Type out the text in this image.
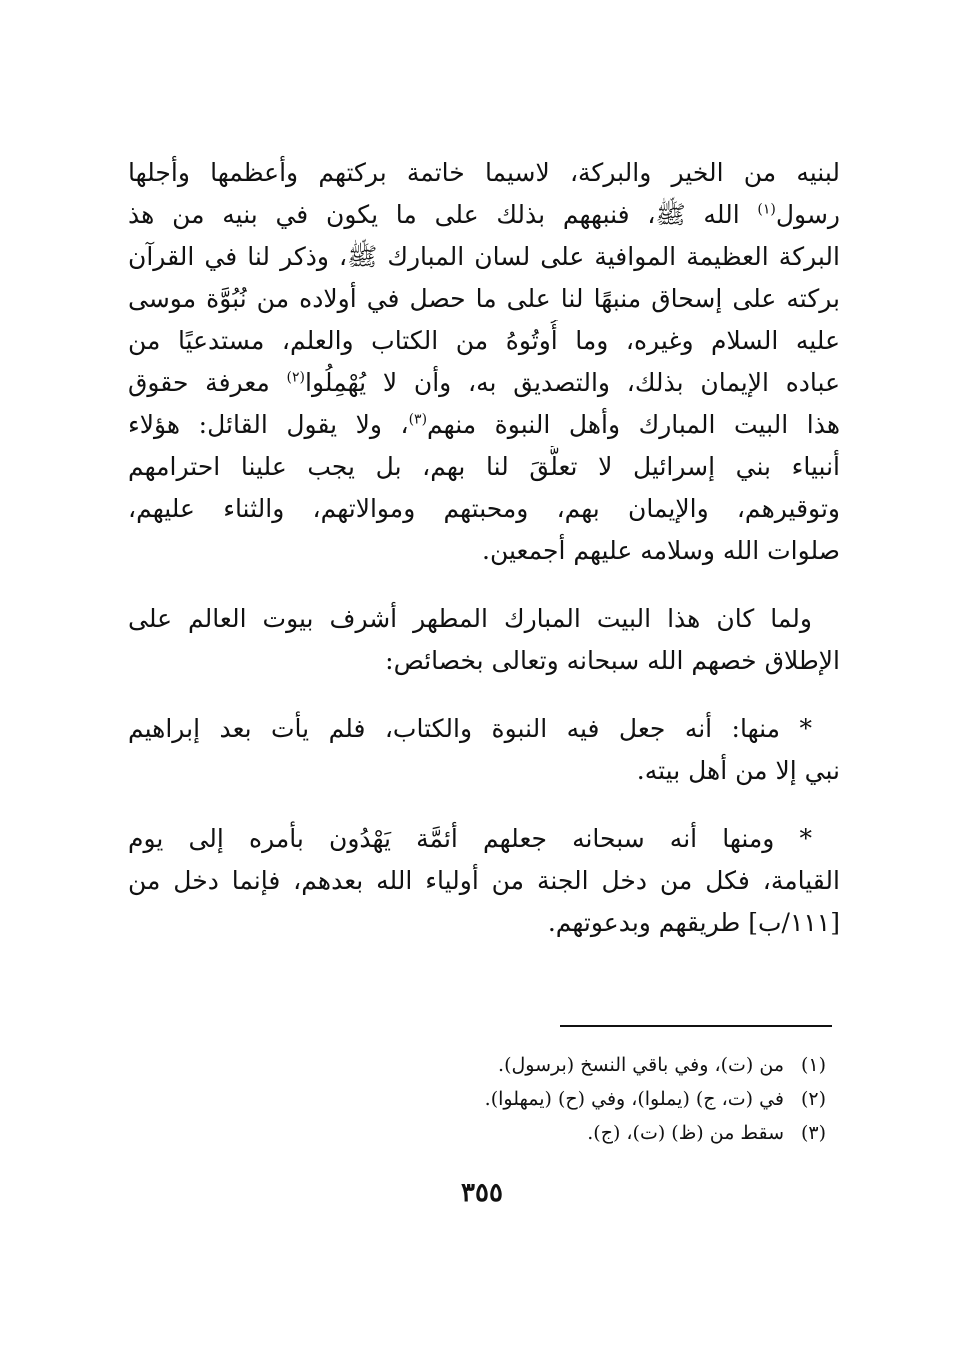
لبنيه من الخير والبركة، لاسيما خاتمة بركتهم وأعظمها وأجلها
رسول$^{(١)}$ الله ﷺ، فنبههم بذلك على ما يكون في بنيه من هذ
البركة العظيمة الموافية على لسان المبارك ﷺ، وذكر لنا في القرآن
بركته على إسحاق منبهًا لنا على ما حصل في أولاده من نُبُوَّة موسى
عليه السلام وغيره، وما أُوتُوهُ من الكتاب والعلم، مستدعيًا من
عباده الإيمان بذلك، والتصديق به، وأن لا يُهْمِلُوا$^{(٢)}$ معرفة حقوق
هذا البيت المبارك وأهل النبوة منهم$^{(٣)}$، ولا يقول القائل: هؤلاء
أنبياء بني إسرائيل لا تعلُّقَ لنا بهم، بل يجب علينا احترامهم
وتوقيرهم، والإيمان بهم، ومحبتهم وموالاتهم، والثناء عليهم،
صلوات الله وسلامه عليهم أجمعين.
ولما كان هذا البيت المبارك المطهر أشرف بيوت العالم على
الإطلاق خصهم الله سبحانه وتعالى بخصائص:
* منها: أنه جعل فيه النبوة والكتاب، فلم يأت بعد إبراهيم
نبي إلا من أهل بيته.
* ومنها أنه سبحانه جعلهم أئمَّة يَهْدُون بأمره إلى يوم
القيامة، فكل من دخل الجنة من أولياء الله بعدهم، فإنما دخل من
[١١١/ب] طريقهم وبدعوتهم.
(١)من (ت)، وفي باقي النسخ (برسول).
(٢)في (ت، ج) (يملوا)، وفي (ح) (يمهلوا).
(٣)سقط من (ظ) (ت)، (ج).
٣٥٥
